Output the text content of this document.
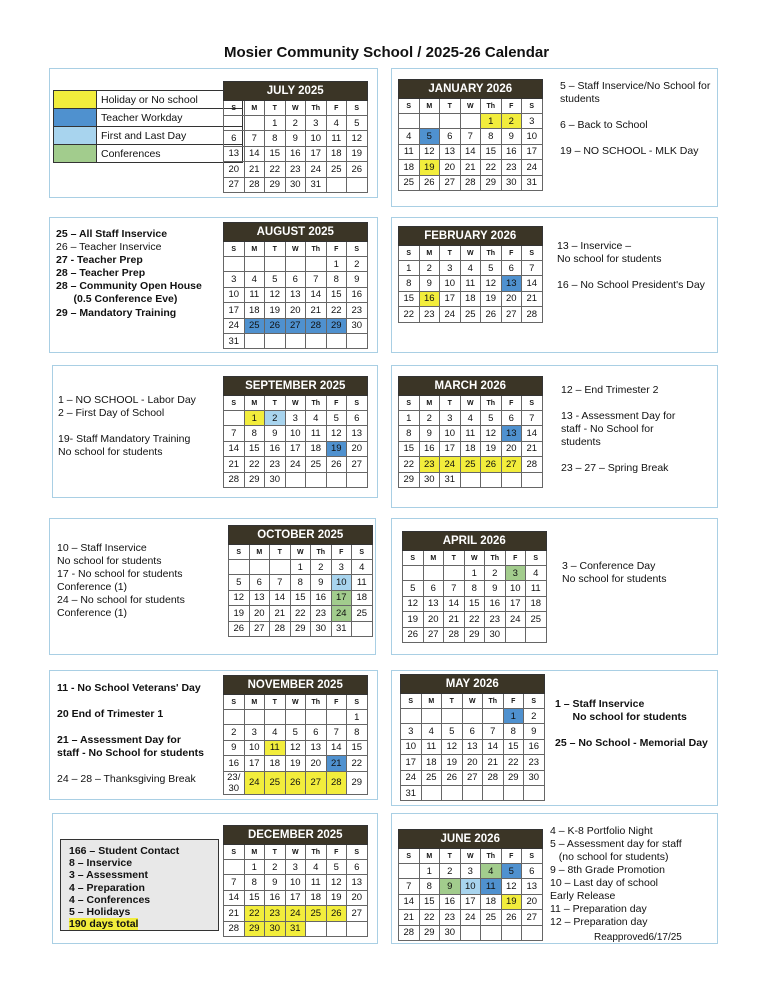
Mosier Community School / 2025-26 Calendar
	Holiday or No school
	Teacher Workday
	First and Last Day
	Conferences
JULY 2025						
S	M	T	W	Th	F	S
		1	2	3	4	5
6	7	8	9	10	11	12
13	14	15	16	17	18	19
20	21	22	23	24	25	26
27	28	29	30	31		
AUGUST 2025						
S	M	T	W	Th	F	S
					1	2
3	4	5	6	7	8	9
10	11	12	13	14	15	16
17	18	19	20	21	22	23
24	25	26	27	28	29	30
31						
SEPTEMBER 2025						
S	M	T	W	Th	F	S
	1	2	3	4	5	6
7	8	9	10	11	12	13
14	15	16	17	18	19	20
21	22	23	24	25	26	27
28	29	30				
OCTOBER 2025						
S	M	T	W	Th	F	S
			1	2	3	4
5	6	7	8	9	10	11
12	13	14	15	16	17	18
19	20	21	22	23	24	25
26	27	28	29	30	31	
NOVEMBER 2025						
S	M	T	W	Th	F	S
						1
2	3	4	5	6	7	8
9	10	11	12	13	14	15
16	17	18	19	20	21	22
23/ 30	24	25	26	27	28	29
DECEMBER 2025						
S	M	T	W	Th	F	S
	1	2	3	4	5	6
7	8	9	10	11	12	13
14	15	16	17	18	19	20
21	22	23	24	25	26	27
28	29	30	31			
JANUARY 2026						
S	M	T	W	Th	F	S
				1	2	3
4	5	6	7	8	9	10
11	12	13	14	15	16	17
18	19	20	21	22	23	24
25	26	27	28	29	30	31
FEBRUARY 2026						
S	M	T	W	Th	F	S
1	2	3	4	5	6	7
8	9	10	11	12	13	14
15	16	17	18	19	20	21
22	23	24	25	26	27	28
MARCH 2026						
S	M	T	W	Th	F	S
1	2	3	4	5	6	7
8	9	10	11	12	13	14
15	16	17	18	19	20	21
22	23	24	25	26	27	28
29	30	31				
APRIL 2026						
S	M	T	W	Th	F	S
			1	2	3	4
5	6	7	8	9	10	11
12	13	14	15	16	17	18
19	20	21	22	23	24	25
26	27	28	29	30		
MAY 2026						
S	M	T	W	Th	F	S
					1	2
3	4	5	6	7	8	9
10	11	12	13	14	15	16
17	18	19	20	21	22	23
24	25	26	27	28	29	30
31						
JUNE 2026						
S	M	T	W	Th	F	S
	1	2	3	4	5	6
7	8	9	10	11	12	13
14	15	16	17	18	19	20
21	22	23	24	25	26	27
28	29	30				
5 – Staff Inservice/No School for
students
6 – Back to School
19 – NO SCHOOL - MLK Day
25 – All Staff Inservice
26 – Teacher Inservice
27 - Teacher Prep
28 – Teacher Prep
28 – Community Open House
(0.5 Conference Eve)
29 – Mandatory Training
13 – Inservice –
No school for students
16 – No School President's Day
1 – NO SCHOOL - Labor Day
2 – First Day of School
19- Staff Mandatory Training
No school for students
12 – End Trimester 2
13 - Assessment Day for
staff - No School for
students
23 – 27 – Spring Break
10 – Staff Inservice
No school for students
17 - No school for students
Conference (1)
24 – No school for students
Conference (1)
3 – Conference Day
No school for students
11 - No School Veterans' Day
20 End of Trimester 1
21 – Assessment Day for
staff - No School for students
24 – 28 – Thanksgiving Break
1 – Staff Inservice
No school for students
25 – No School - Memorial Day
4 – K-8 Portfolio Night
5 – Assessment day for staff
(no school for students)
9 – 8th Grade Promotion
10 – Last day of school
Early Release
11 – Preparation day
12 – Preparation day
166 – Student Contact
8 – Inservice
3 – Assessment
4 – Preparation
4 – Conferences
5 – Holidays
190 days total
Reapproved6/17/25
